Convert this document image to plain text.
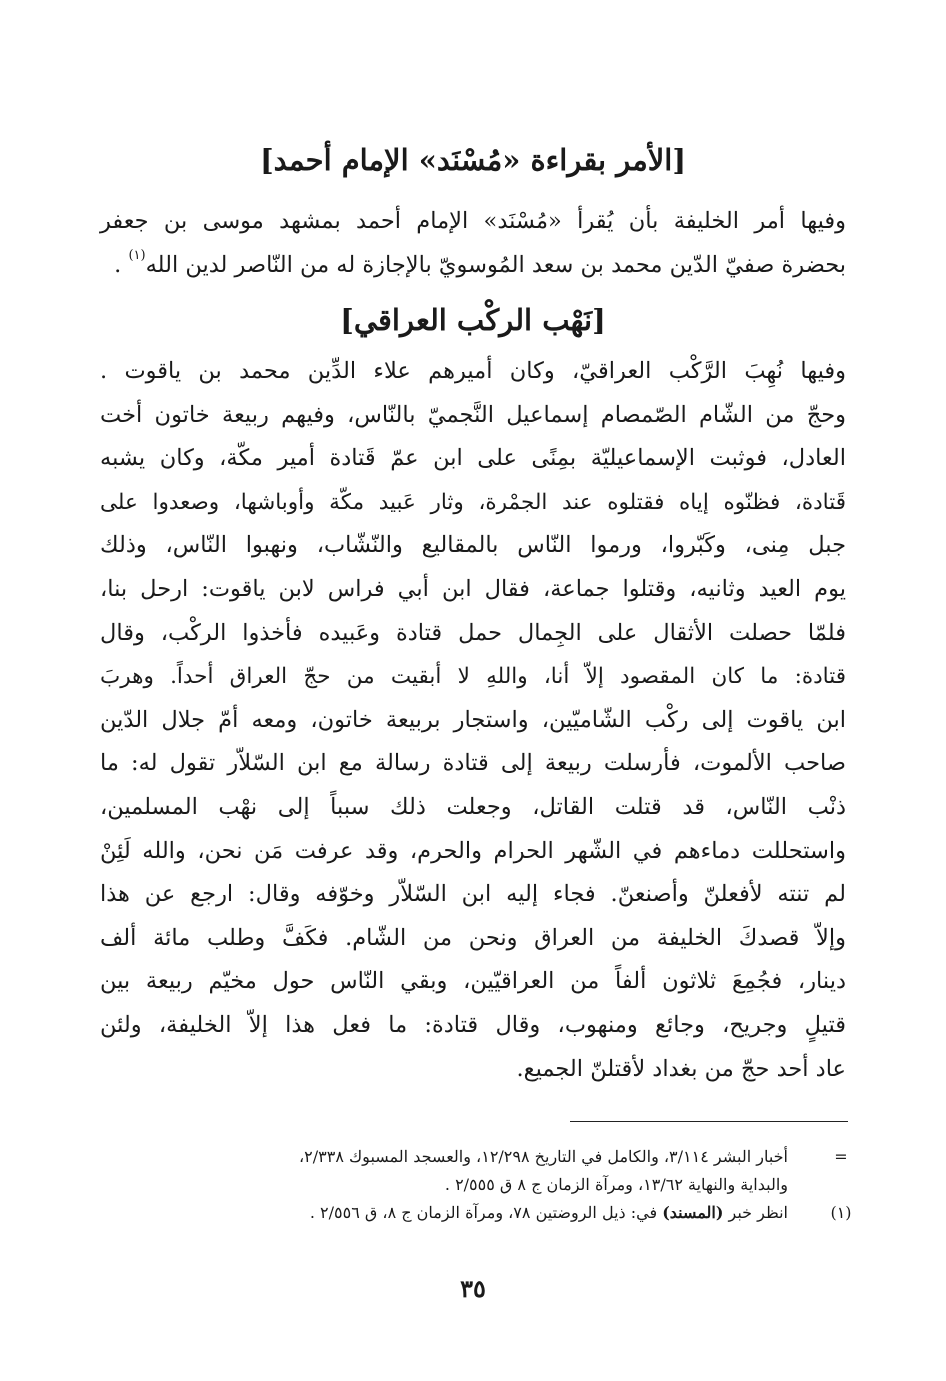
[الأمر بقراءة «مُسْنَد» الإمام أحمد]
وفيها أمر الخليفة بأن يُقرأ «مُسْنَد» الإمام أحمد بمشهد موسى بن جعفر
بحضرة صفيّ الدّين محمد بن سعد المُوسويّ بالإجازة له من النّاصر لدين الله$^{(١)}$ .
[نَهْب الركْب العراقي]
وفيها نُهِبَ الرَّكْب العراقيّ، وكان أميرهم علاء الدِّين محمد بن ياقوت .
وحجّ من الشّام الصّمصام إسماعيل النَّجميّ بالنّاس، وفيهم ربيعة خاتون أخت
العادل، فوثبت الإسماعيليّة بمِنًى على ابن عمّ قَتادة أمير مكّة، وكان يشبه
قَتادة، فظنّوه إياه فقتلوه عند الجمْرة، وثار عَبيد مكّة وأوباشها، وصعدوا على
جبل مِنى، وكَبّروا، ورموا النّاس بالمقاليع والنّشّاب، ونهبوا النّاس، وذلك
يوم العيد وثانيه، وقتلوا جماعة، فقال ابن أبي فراس لابن ياقوت: ارحل بنا،
فلمّا حصلت الأثقال على الجِمال حمل قتادة وعَبيده فأخذوا الركْب، وقال
قتادة: ما كان المقصود إلاّ أنا، واللهِ لا أبقيت من حجّ العراق أحداً. وهربَ
ابن ياقوت إلى ركْب الشّاميّين، واستجار بربيعة خاتون، ومعه أمّ جلال الدّين
صاحب الألموت، فأرسلت ربيعة إلى قتادة رسالة مع ابن السّلاّر تقول له: ما
ذنْب النّاس، قد قتلت القاتل، وجعلت ذلك سبباً إلى نهْب المسلمين،
واستحللت دماءهم في الشّهر الحرام والحرم، وقد عرفت مَن نحن، والله لَئِنْ
لم تنته لأفعلنّ وأصنعنّ. فجاء إليه ابن السّلاّر وخوّفه وقال: ارجع عن هذا
وإلاّ قصدكَ الخليفة من العراق ونحن من الشّام. فكَفَّ وطلب مائة ألف
دينار، فجُمِعَ ثلاثون ألفاً من العراقيّين، وبقي النّاس حول مخيّم ربيعة بين
قتيلٍ وجريح، وجائع ومنهوب، وقال قتادة: ما فعل هذا إلاّ الخليفة، ولئن
عاد أحد حجّ من بغداد لأقتلنّ الجميع.
=
أخبار البشر ٣/١١٤، والكامل في التاريخ ١٢/٢٩٨، والعسجد المسبوك ٢/٣٣٨،
والبداية والنهاية ١٣/٦٢، ومرآة الزمان ج ٨ ق ٢/٥٥٥ .
(١)
انظر خبر (المسند) في: ذيل الروضتين ٧٨، ومرآة الزمان ج ٨، ق ٢/٥٥٦ .
٣٥
